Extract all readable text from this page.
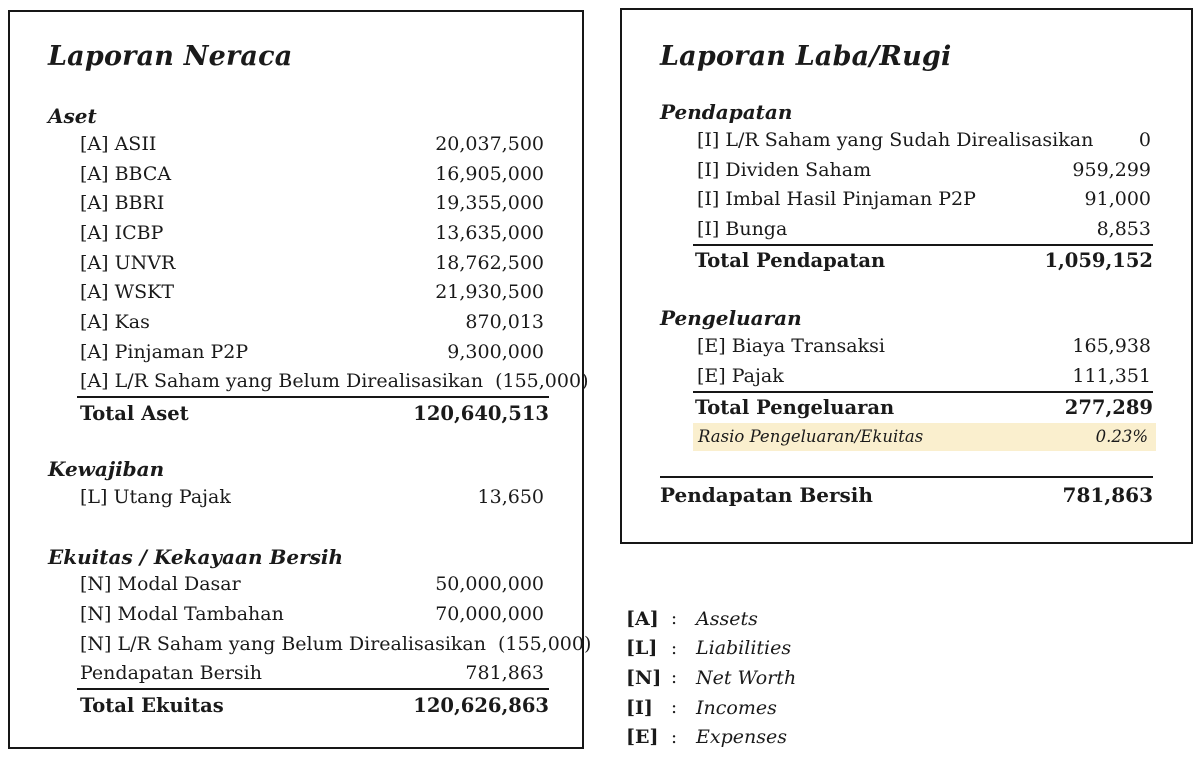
Laporan Neraca
Aset
[A] ASII	20,037,500
[A] BBCA	16,905,000
[A] BBRI	19,355,000
[A] ICBP	13,635,000
[A] UNVR	18,762,500
[A] WSKT	21,930,500
[A] Kas	870,013
[A] Pinjaman P2P	9,300,000
[A] L/R Saham yang Belum Direalisasikan (155,000)
Total Aset	120,640,513
Kewajiban
[L] Utang Pajak	13,650
Ekuitas / Kekayaan Bersih
[N] Modal Dasar	50,000,000
[N] Modal Tambahan	70,000,000
[N] L/R Saham yang Belum Direalisasikan (155,000)
Pendapatan Bersih	781,863
Total Ekuitas	120,626,863
Laporan Laba/Rugi
Pendapatan
[I] L/R Saham yang Sudah Direalisasikan	0
[I] Dividen Saham	959,299
[I] Imbal Hasil Pinjaman P2P	91,000
[I] Bunga	8,853
Total Pendapatan	1,059,152
Pengeluaran
[E] Biaya Transaksi	165,938
[E] Pajak	111,351
Total Pengeluaran	277,289
Rasio Pengeluaran/Ekuitas	0.23%
Pendapatan Bersih	781,863
[A] : Assets
[L] : Liabilities
[N] : Net Worth
[I]	: Incomes
[E] : Expenses
